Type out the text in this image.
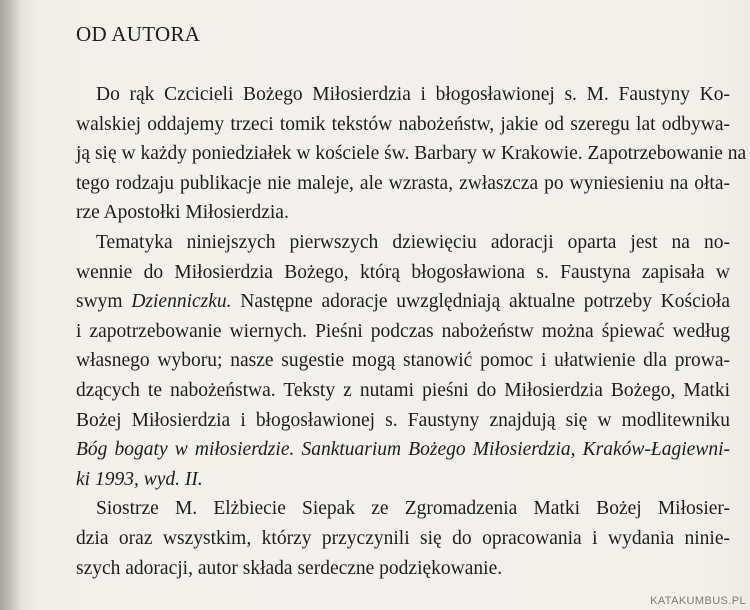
OD AUTORA
Do rąk Czcicieli Bożego Miłosierdzia i błogosławionej s. M. Faustyny Ko-
walskiej oddajemy trzeci tomik tekstów nabożeństw, jakie od szeregu lat odbywa-
ją się w każdy poniedziałek w kościele św. Barbary w Krakowie. Zapotrzebowanie na
tego rodzaju publikacje nie maleje, ale wzrasta, zwłaszcza po wyniesieniu na ołta-
rze Apostołki Miłosierdzia.
Tematyka niniejszych pierwszych dziewięciu adoracji oparta jest na no-
wennie do Miłosierdzia Bożego, którą błogosławiona s. Faustyna zapisała w
swym Dzienniczku. Następne adoracje uwzględniają aktualne potrzeby Kościoła
i zapotrzebowanie wiernych. Pieśni podczas nabożeństw można śpiewać według
własnego wyboru; nasze sugestie mogą stanowić pomoc i ułatwienie dla prowa-
dzących te nabożeństwa. Teksty z nutami pieśni do Miłosierdzia Bożego, Matki
Bożej Miłosierdzia i błogosławionej s. Faustyny znajdują się w modlitewniku
Bóg bogaty w miłosierdzie. Sanktuarium Bożego Miłosierdzia, Kraków-Łagiewni-
ki 1993, wyd. II.
Siostrze M. Elżbiecie Siepak ze Zgromadzenia Matki Bożej Miłosier-
dzia oraz wszystkim, którzy przyczynili się do opracowania i wydania ninie-
szych adoracji, autor składa serdeczne podziękowanie.
KATAKUMBUS.PL
